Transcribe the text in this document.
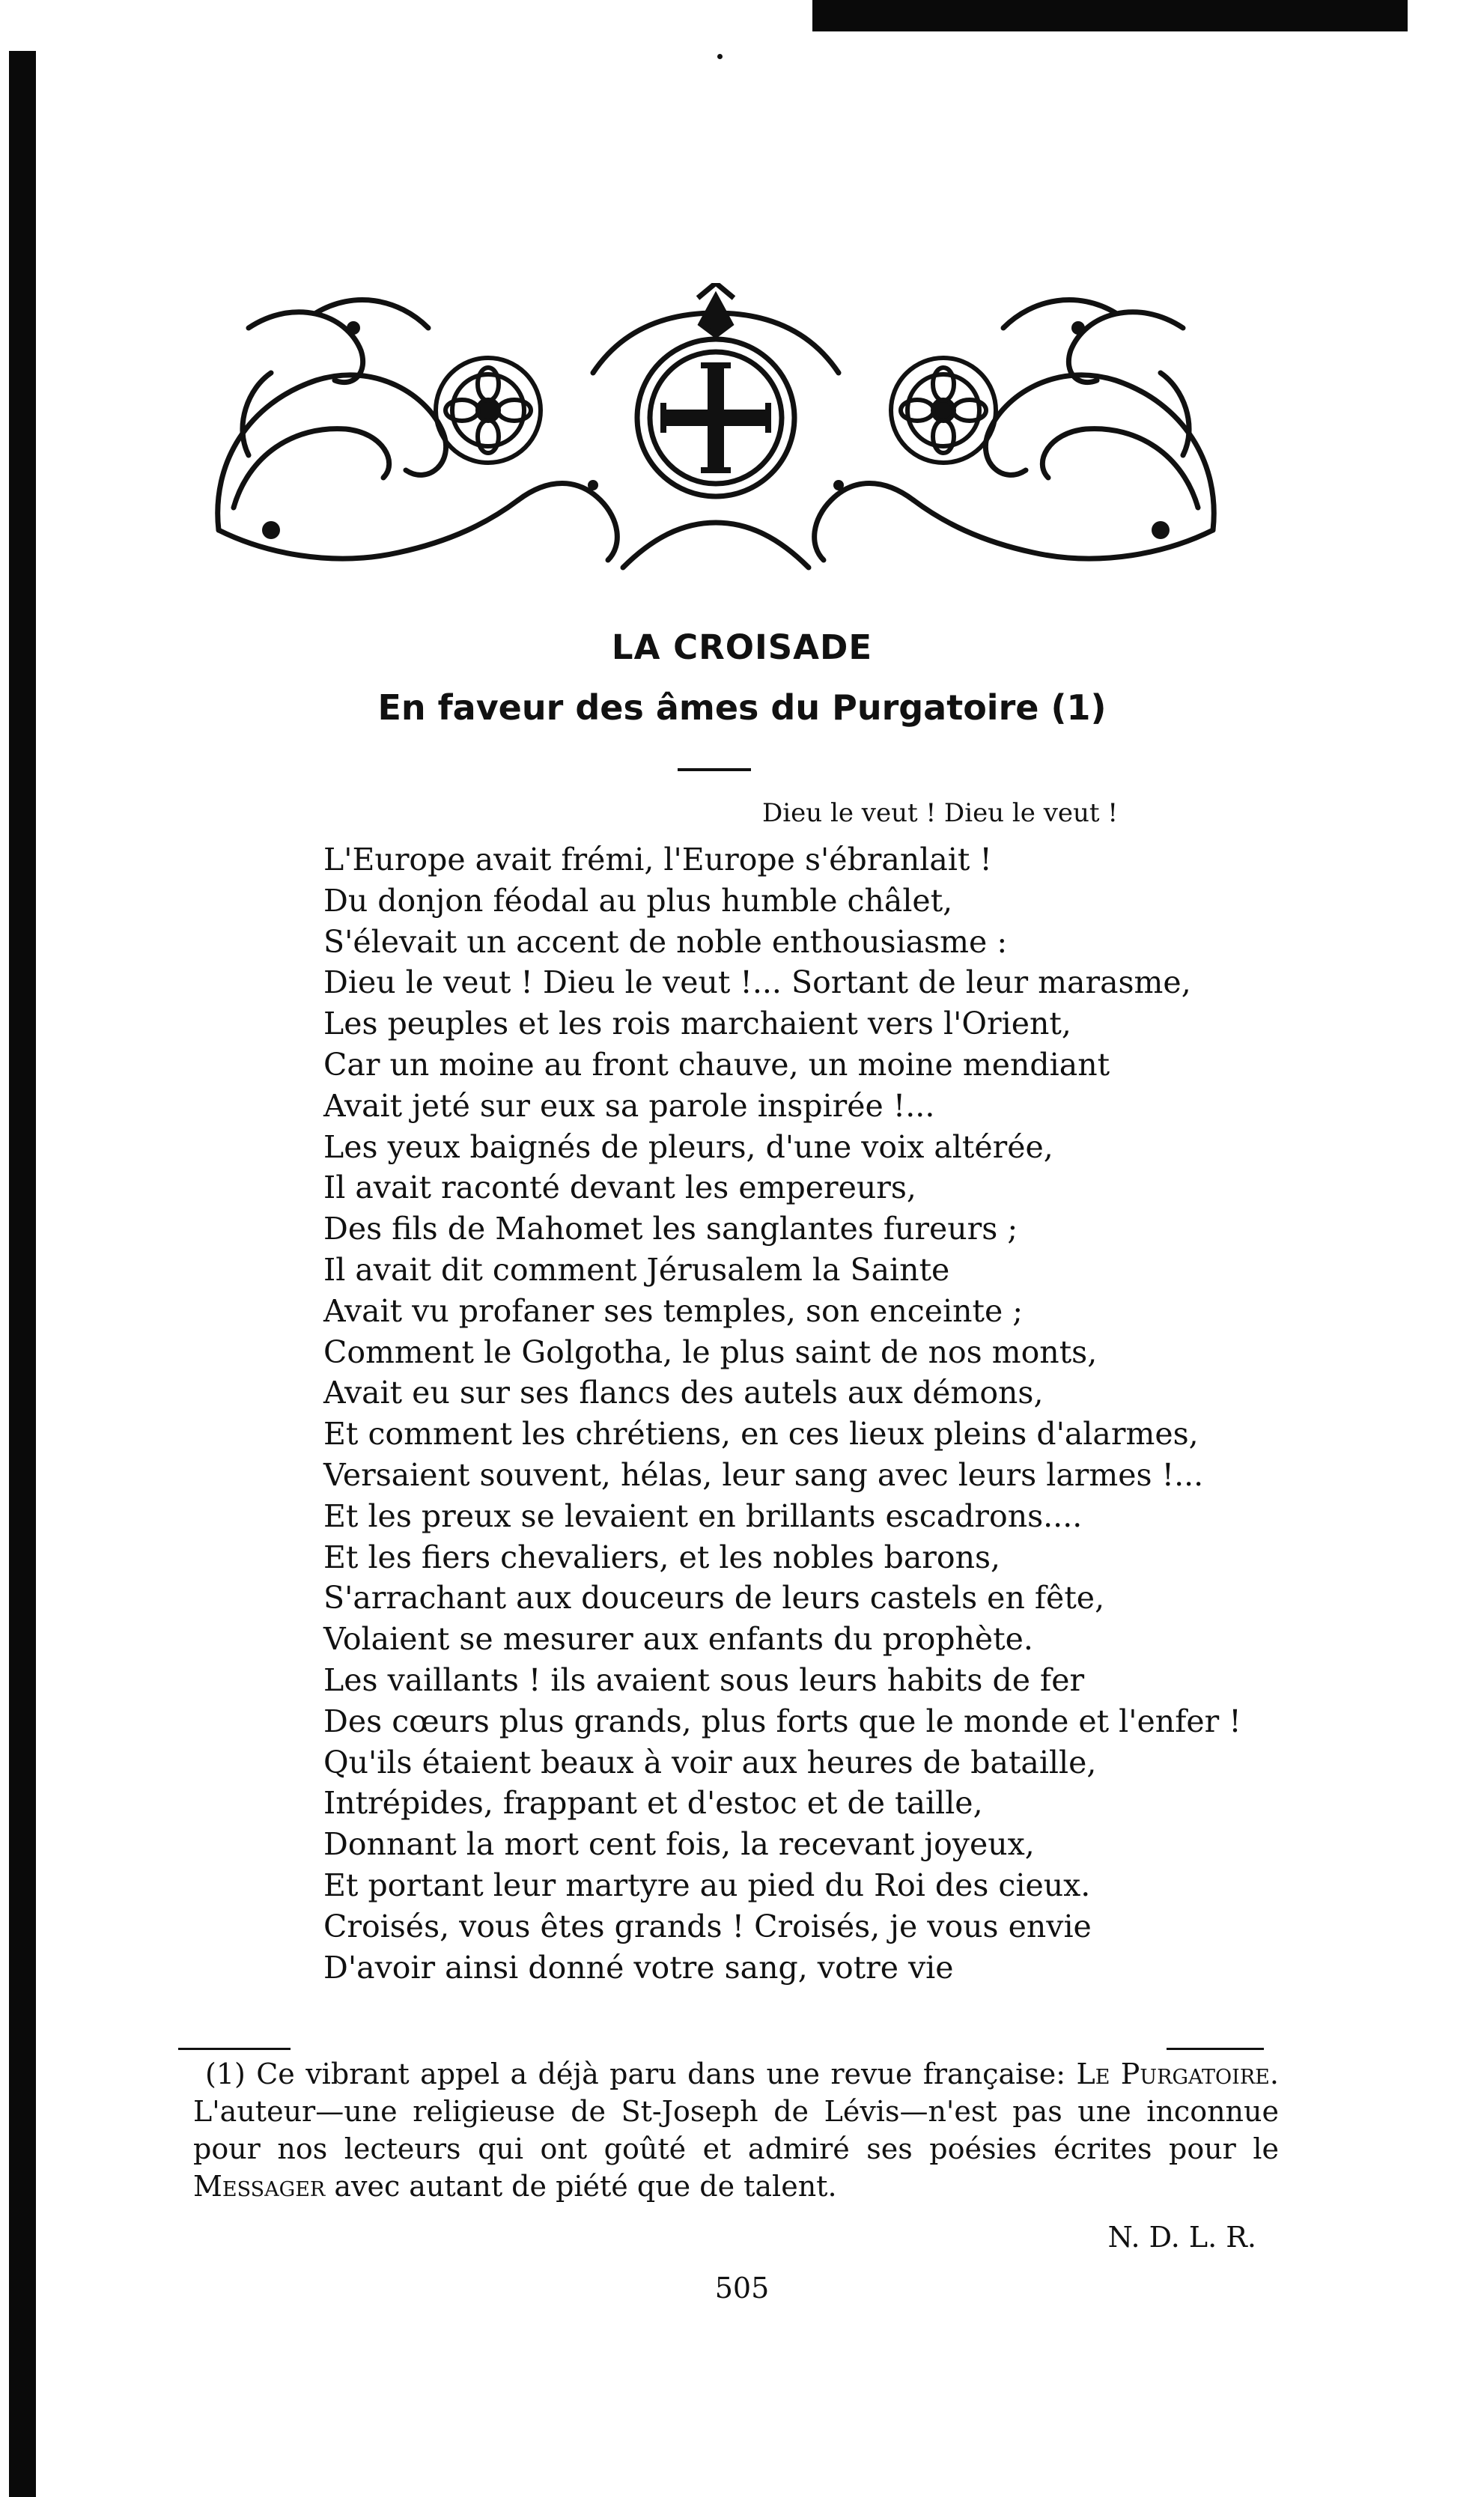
LA CROISADE
En faveur des âmes du Purgatoire (1)
Dieu le veut ! Dieu le veut !
L'Europe avait frémi, l'Europe s'ébranlait !
Du donjon féodal au plus humble châlet,
S'élevait un accent de noble enthousiasme :
Dieu le veut ! Dieu le veut !... Sortant de leur marasme,
Les peuples et les rois marchaient vers l'Orient,
Car un moine au front chauve, un moine mendiant
Avait jeté sur eux sa parole inspirée !...
Les yeux baignés de pleurs, d'une voix altérée,
Il avait raconté devant les empereurs,
Des fils de Mahomet les sanglantes fureurs ;
Il avait dit comment Jérusalem la Sainte
Avait vu profaner ses temples, son enceinte ;
Comment le Golgotha, le plus saint de nos monts,
Avait eu sur ses flancs des autels aux démons,
Et comment les chrétiens, en ces lieux pleins d'alarmes,
Versaient souvent, hélas, leur sang avec leurs larmes !...
Et les preux se levaient en brillants escadrons....
Et les fiers chevaliers, et les nobles barons,
S'arrachant aux douceurs de leurs castels en fête,
Volaient se mesurer aux enfants du prophète.
Les vaillants ! ils avaient sous leurs habits de fer
Des cœurs plus grands, plus forts que le monde et l'enfer !
Qu'ils étaient beaux à voir aux heures de bataille,
Intrépides, frappant et d'estoc et de taille,
Donnant la mort cent fois, la recevant joyeux,
Et portant leur martyre au pied du Roi des cieux.
Croisés, vous êtes grands ! Croisés, je vous envie
D'avoir ainsi donné votre sang, votre vie

(1) Ce vibrant appel a déjà paru dans une revue française: Le Purgatoire. L'auteur—une religieuse de St-Joseph de Lévis—n'est pas une inconnue pour nos lecteurs qui ont goûté et admiré ses poésies écrites pour le Messager avec autant de piété que de talent.

N. D. L. R.
505
